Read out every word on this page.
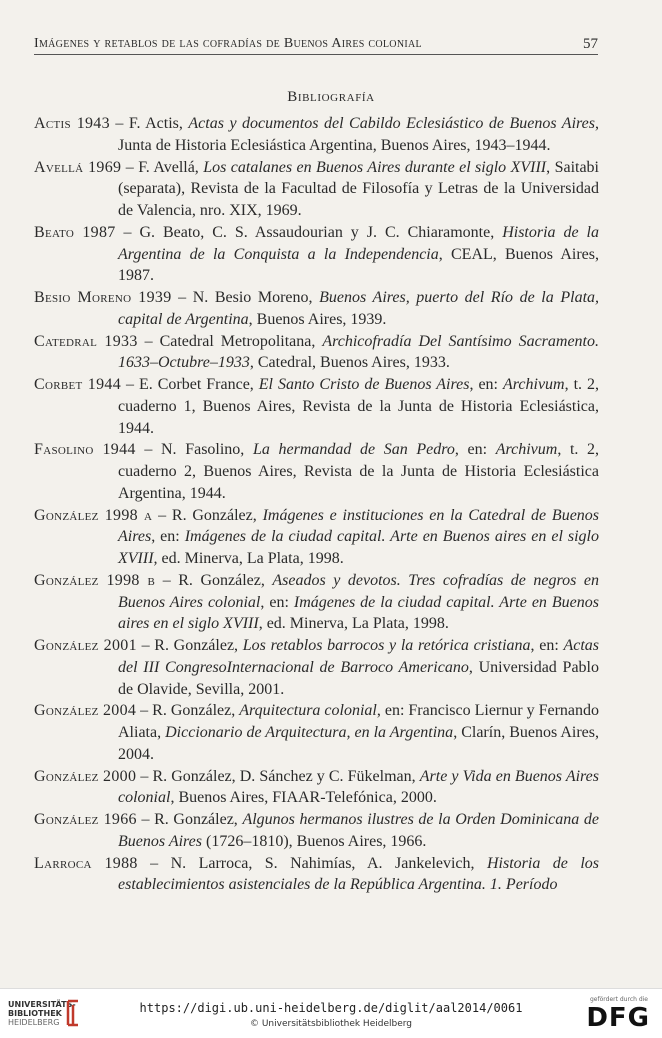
Imágenes y retablos de las cofradías de Buenos Aires colonial	57
Bibliografía

Actis 1943 – F. Actis, Actas y documentos del Cabildo Eclesiástico de Buenos Aires, Junta de Historia Eclesiástica Argentina, Buenos Aires, 1943–1944.

Avellá 1969 – F. Avellá, Los catalanes en Buenos Aires durante el siglo XVIII, Saitabi (separata), Revista de la Facultad de Filosofía y Letras de la Universidad de Valencia, nro. XIX, 1969.

Beato 1987 – G. Beato, C. S. Assaudourian y J. C. Chiaramonte, Historia de la Argentina de la Conquista a la Independencia, CEAL, Buenos Aires, 1987.

Besio Moreno 1939 – N. Besio Moreno, Buenos Aires, puerto del Río de la Plata, capital de Argentina, Buenos Aires, 1939.

Catedral 1933 – Catedral Metropolitana, Archicofradía Del Santísimo Sacramento. 1633–Octubre–1933, Catedral, Buenos Aires, 1933.

Corbet 1944 – E. Corbet France, El Santo Cristo de Buenos Aires, en: Archivum, t. 2, cuaderno 1, Buenos Aires, Revista de la Junta de Historia Eclesiástica, 1944.

Fasolino 1944 – N. Fasolino, La hermandad de San Pedro, en: Archivum, t. 2, cuaderno 2, Buenos Aires, Revista de la Junta de Historia Eclesiástica Argentina, 1944.

González 1998 a – R. González, Imágenes e instituciones en la Catedral de Buenos Aires, en: Imágenes de la ciudad capital. Arte en Buenos aires en el siglo XVIII, ed. Minerva, La Plata, 1998.

González 1998 b – R. González, Aseados y devotos. Tres cofradías de negros en Buenos Aires colonial, en: Imágenes de la ciudad capital. Arte en Buenos aires en el siglo XVIII, ed. Minerva, La Plata, 1998.

González 2001 – R. González, Los retablos barrocos y la retórica cristiana, en: Actas del III CongresoInternacional de Barroco Americano, Universidad Pablo de Olavide, Sevilla, 2001.

González 2004 – R. González, Arquitectura colonial, en: Francisco Liernur y Fernando Aliata, Diccionario de Arquitectura, en la Argentina, Clarín, Buenos Aires, 2004.

González 2000 – R. González, D. Sánchez y C. Fükelman, Arte y Vida en Buenos Aires colonial, Buenos Aires, FIAAR-Telefónica, 2000.

González 1966 – R. González, Algunos hermanos ilustres de la Orden Dominicana de Buenos Aires (1726–1810), Buenos Aires, 1966.

Larroca 1988 – N. Larroca, S. Nahimías, A. Jankelevich, Historia de los establecimientos asistenciales de la República Argentina. 1. Período

UNIVERSITÄTS-
BIBLIOTHEK
HEIDELBERG
https://digi.ub.uni-heidelberg.de/diglit/aal2014/0061
© Universitätsbibliothek Heidelberg
gefördert durch die
DFG
